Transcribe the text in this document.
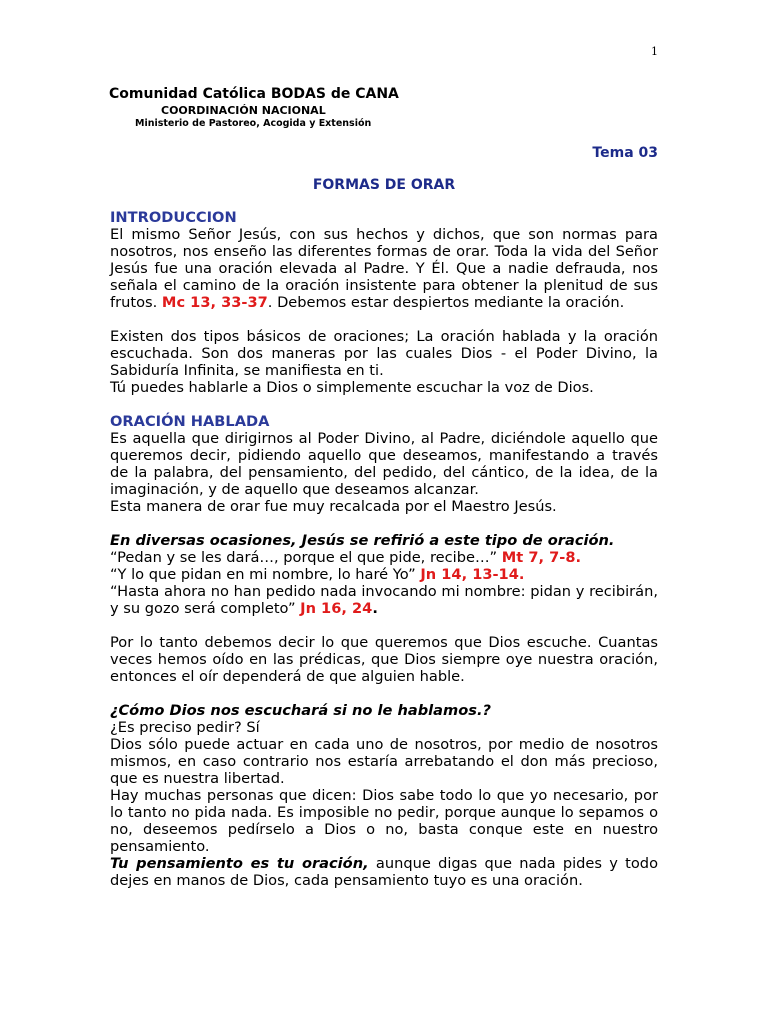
1
Comunidad Católica BODAS de CANA
COORDINACIÓN NACIONAL
Ministerio de Pastoreo, Acogida y Extensión
Tema 03
FORMAS DE ORAR
INTRODUCCION

El mismo Señor Jesús, con sus hechos y dichos, que son normas para nosotros, nos enseño las diferentes formas de orar. Toda la vida del Señor Jesús fue una oración elevada al Padre. Y Él. Que a nadie defrauda, nos señala el camino de la oración insistente para obtener la plenitud de sus frutos. Mc 13, 33-37. Debemos estar despiertos mediante la oración.

Existen dos tipos básicos de oraciones; La oración hablada y la oración escuchada. Son dos maneras por las cuales Dios - el Poder Divino, la Sabiduría Infinita, se manifiesta en ti.

Tú puedes hablarle a Dios o simplemente escuchar la voz de Dios.

ORACIÓN HABLADA

Es aquella que dirigirnos al Poder Divino, al Padre, diciéndole aquello que queremos decir, pidiendo aquello que deseamos, manifestando a través de la palabra, del pensamiento, del pedido, del cántico, de la idea, de la imaginación, y de aquello que deseamos alcanzar.

Esta manera de orar fue muy recalcada por el Maestro Jesús.

En diversas ocasiones, Jesús se refirió a este tipo de oración.

“Pedan y se les dará…, porque el que pide, recibe…” Mt 7, 7-8.

“Y lo que pidan en mi nombre, lo haré Yo” Jn 14, 13-14.

“Hasta ahora no han pedido nada invocando mi nombre: pidan y recibirán, y su gozo será completo” Jn 16, 24.

Por lo tanto debemos decir lo que queremos que Dios escuche. Cuantas veces hemos oído en las prédicas, que Dios siempre oye nuestra oración, entonces el oír dependerá de que alguien hable.

¿Cómo Dios nos escuchará si no le hablamos.?

¿Es preciso pedir? Sí

Dios sólo puede actuar en cada uno de nosotros, por medio de nosotros mismos, en caso contrario nos estaría arrebatando el don más precioso, que es nuestra libertad.

Hay muchas personas que dicen: Dios sabe todo lo que yo necesario, por lo tanto no pida nada. Es imposible no pedir, porque aunque lo sepamos o no, deseemos pedírselo a Dios o no, basta conque este en nuestro pensamiento.

Tu pensamiento es tu oración, aunque digas que nada pides y todo dejes en manos de Dios, cada pensamiento tuyo es una oración.
